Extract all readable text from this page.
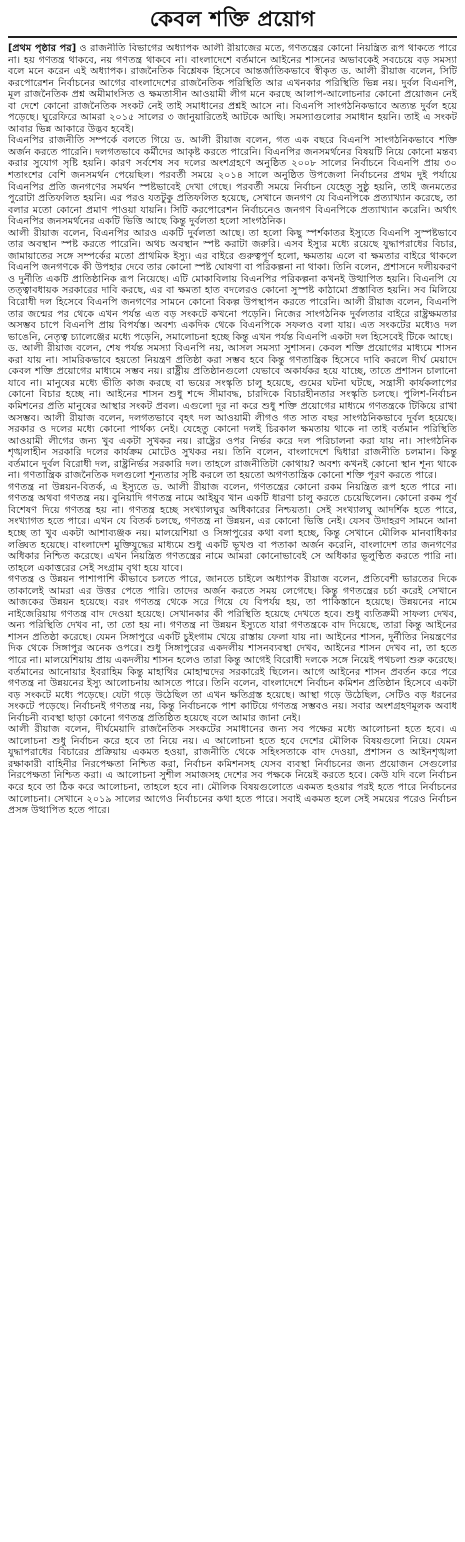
কেবল শক্তি প্রয়োগ

[প্রথম পৃষ্ঠার পর] ও রাজনীতি বিভাগের অধ্যাপক আলী রীয়াজের মতে, গণতন্ত্রের কোনো নিয়ন্ত্রিত রূপ থাকতে পারে না। হয় গণতন্ত্র থাকবে, নয় গণতন্ত্র থাকবে না। বাংলাদেশে বর্তমানে আইনের শাসনের অভাবকেই সবচেয়ে বড় সমস্যা বলে মনে করেন এই অধ্যাপক। রাজনৈতিক বিশ্লেষক হিসেবে আন্তর্জাতিকভাবে স্বীকৃত ড. আলী রীয়াজ বলেন, সিটি করপোরেশন নির্বাচনের আগের বাংলাদেশের রাজনৈতিক পরিস্থিতি আর এখনকার পরিস্থিতি ভিন্ন নয়। দুর্বল বিএনপি, মূল রাজনৈতিক প্রশ্ন অমীমাংসিত ও ক্ষমতাসীন আওয়ামী লীগ মনে করছে আলাপ-আলোচনার কোনো প্রয়োজন নেই বা দেশে কোনো রাজনৈতিক সংকট নেই তাই সমাধানের প্রশ্নই আসে না। বিএনপি সাংগঠনিকভাবে অত্যন্ত দুর্বল হয়ে পড়েছে। ঘুরেফিরে আমরা ২০১৫ সালের ৩ জানুয়ারিতেই আটকে আছি। সমস্যাগুলোর সমাধান হয়নি। তাই এ সংকট আবার ভিন্ন আকারে উদ্ভব হবেই।

বিএনপির রাজনীতি সম্পর্কে বলতে গিয়ে ড. আলী রীয়াজ বলেন, গত এক বছরে বিএনপি সাংগঠনিকভাবে শক্তি অর্জন করতে পারেনি। দলগতভাবে কর্মীদের আকৃষ্ট করতে পারেনি। বিএনপির জনসমর্থনের বিষয়টি নিয়ে কোনো মন্তব্য করার সুযোগ সৃষ্টি হয়নি। কারণ সর্বশেষ সব দলের অংশগ্রহণে অনুষ্ঠিত ২০০৮ সালের নির্বাচনে বিএনপি প্রায় ৩০ শতাংশের বেশি জনসমর্থন পেয়েছিল। পরবর্তী সময়ে ২০১৪ সালে অনুষ্ঠিত উপজেলা নির্বাচনের প্রথম দুই পর্যায়ে বিএনপির প্রতি জনগণের সমর্থন স্পষ্টভাবেই দেখা গেছে। পরবর্তী সময়ে নির্বাচন যেহেতু সুষ্ঠু হয়নি, তাই জনমতের পুরোটা প্রতিফলিত হয়নি। এর পরও যতটুকু প্রতিফলিত হয়েছে, সেখানে জনগণ যে বিএনপিকে প্রত্যাখ্যান করেছে, তা বলার মতো কোনো প্রমাণ পাওয়া যায়নি। সিটি করপোরেশন নির্বাচনেও জনগণ বিএনপিকে প্রত্যাখ্যান করেনি। অর্থাৎ বিএনপির জনসমর্থনের একটি ভিত্তি আছে কিন্তু দুর্বলতা হলো সাংগঠনিক।

আলী রীয়াজ বলেন, বিএনপির আরও একটি দুর্বলতা আছে। তা হলো কিছু স্পর্শকাতর ইস্যুতে বিএনপি সুস্পষ্টভাবে তার অবস্থান স্পষ্ট করতে পারেনি। অথচ অবস্থান স্পষ্ট করাটা জরুরি। এসব ইস্যুর মধ্যে রয়েছে যুদ্ধাপরাধের বিচার, জামায়াতের সঙ্গে সম্পর্কের মতো প্রাথমিক ইস্যু। এর বাইরে গুরুত্বপূর্ণ হলো, ক্ষমতায় এলে বা ক্ষমতার বাইরে থাকলে বিএনপি জনগণকে কী উপহার দেবে তার কোনো স্পষ্ট ঘোষণা বা পরিকল্পনা না থাকা। তিনি বলেন, প্রশাসনে দলীয়করণ ও দুর্নীতি একটি প্রাতিষ্ঠানিক রূপ নিয়েছে। এটি মোকাবিলায় বিএনপির পরিকল্পনা কখনই উত্থাপিত হয়নি। বিএনপি যে তত্ত্বাবধায়ক সরকারের দাবি করছে, এর বা ক্ষমতা হাত বদলেরও কোনো সুস্পষ্ট কাঠামো প্রস্তাবিত হয়নি। সব মিলিয়ে বিরোধী দল হিসেবে বিএনপি জনগণের সামনে কোনো বিকল্প উপস্থাপন করতে পারেনি। আলী রীয়াজ বলেন, বিএনপি তার জন্মের পর থেকে এখন পর্যন্ত এত বড় সংকটে কখনো পড়েনি। নিজের সাংগঠনিক দুর্বলতার বাইরে রাষ্ট্রক্ষমতার অসম্ভব চাপে বিএনপি প্রায় বিপর্যস্ত। অবশ্য একদিক থেকে বিএনপিকে সফলও বলা যায়। এত সংকটের মধ্যেও দল ভাঙেনি, নেতৃত্ব চ্যালেঞ্জের মধ্যে পড়েনি, সমালোচনা হচ্ছে কিন্তু এখন পর্যন্ত বিএনপি একটা দল হিসেবেই টিকে আছে।

ড. আলী রীয়াজ বলেন, শেষ পর্যন্ত সমস্যা বিএনপি নয়, আসল সমস্যা সুশাসন। কেবল শক্তি প্রয়োগের মাধ্যমে শাসন করা যায় না। সামরিকভাবে হয়তো নিয়ন্ত্রণ প্রতিষ্ঠা করা সম্ভব হবে কিন্তু গণতান্ত্রিক হিসেবে দাবি করলে দীর্ঘ মেয়াদে কেবল শক্তি প্রয়োগের মাধ্যমে সম্ভব নয়। রাষ্ট্রীয় প্রতিষ্ঠানগুলো যেভাবে অকার্যকর হয়ে যাচ্ছে, তাতে প্রশাসন চালানো যাবে না। মানুষের মধ্যে ভীতি কাজ করছে বা ভয়ের সংস্কৃতি চালু হয়েছে, গুমের ঘটনা ঘটছে, সন্ত্রাসী কার্যকলাপের কোনো বিচার হচ্ছে না। আইনের শাসন শুধু শব্দে সীমাবদ্ধ, চারদিকে বিচারহীনতার সংস্কৃতি চলছে। পুলিশ-নির্বাচন কমিশনের প্রতি মানুষের আস্থার সংকট প্রবল। এগুলো দূর না করে শুধু শক্তি প্রয়োগের মাধ্যমে গণতন্ত্রকে টিকিয়ে রাখা অসম্ভব। আলী রীয়াজ বলেন, দলগতভাবে বৃহৎ দল আওয়ামী লীগও গত সাত বছর সাংগঠনিকভাবে দুর্বল হয়েছে। সরকার ও দলের মধ্যে কোনো পার্থক্য নেই। যেহেতু কোনো দলই চিরকাল ক্ষমতায় থাকে না তাই বর্তমান পরিস্থিতি আওয়ামী লীগের জন্য খুব একটা সুখকর নয়। রাষ্ট্রের ওপর নির্ভর করে দল পরিচালনা করা যায় না। সাংগঠনিক শৃঙ্খলাহীন সরকারি দলের কার্যক্রম মোটেও সুখকর নয়। তিনি বলেন, বাংলাদেশে দ্বিধারা রাজনীতি চলমান। কিন্তু বর্তমানে দুর্বল বিরোধী দল, রাষ্ট্রনির্ভর সরকারি দল। তাহলে রাজনীতিটা কোথায়? অবশ্য কখনই কোনো স্থান শূন্য থাকে না। গণতান্ত্রিক রাজনৈতিক দলগুলো শূন্যতার সৃষ্টি করলে তা হয়তো অগণতান্ত্রিক কোনো শক্তি পূরণ করতে পারে।

গণতন্ত্র না উন্নয়ন-বিতর্ক, এ ইস্যুতে ড. আলী রীয়াজ বলেন, গণতন্ত্রের কোনো রকম নিয়ন্ত্রিত রূপ হতে পারে না। গণতন্ত্র অথবা গণতন্ত্র নয়। বুনিয়াদি গণতন্ত্র নামে আইয়ুব খান একটি ধারণা চালু করতে চেয়েছিলেন। কোনো রকম পূর্ব বিশেষণ দিয়ে গণতন্ত্র হয় না। গণতন্ত্র হচ্ছে সংখ্যালঘুর অধিকারের নিশ্চয়তা। সেই সংখ্যালঘু আদর্শিক হতে পারে, সংখ্যাগত হতে পারে। এখন যে বিতর্ক চলছে, গণতন্ত্র না উন্নয়ন, এর কোনো ভিত্তি নেই। যেসব উদাহরণ সামনে আনা হচ্ছে তা খুব একটা আশাব্যঞ্জক নয়। মালয়েশিয়া ও সিঙ্গাপুরের কথা বলা হচ্ছে, কিন্তু সেখানে মৌলিক মানবাধিকার লঙ্ঘিত হয়েছে। বাংলাদেশ মুক্তিযুদ্ধের মাধ্যমে শুধু একটি ভূখণ্ড বা পতাকা অর্জন করেনি, বাংলাদেশ তার জনগণের অধিকার নিশ্চিত করেছে। এখন নিয়ন্ত্রিত গণতন্ত্রের নামে আমরা কোনোভাবেই সে অধিকার ভূলুণ্ঠিত করতে পারি না। তাহলে একাত্তরের সেই সংগ্রাম বৃথা হয়ে যাবে।

গণতন্ত্র ও উন্নয়ন পাশাপাশি কীভাবে চলতে পারে, জানতে চাইলে অধ্যাপক রীয়াজ বলেন, প্রতিবেশী ভারতের দিকে তাকালেই আমরা এর উত্তর পেতে পারি। তাদের অর্জন করতে সময় লেগেছে। কিন্তু গণতন্ত্রের চর্চা করেই সেখানে আজকের উন্নয়ন হয়েছে। বরং গণতন্ত্র থেকে সরে গিয়ে যে বিপর্যয় হয়, তা পাকিস্তানে হয়েছে। উন্নয়নের নামে নাইজেরিয়ায় গণতন্ত্র বাদ দেওয়া হয়েছে। সেখানকার কী পরিস্থিতি হয়েছে দেখতে হবে। শুধু ব্যতিক্রমী সাফল্য দেখব, অন্য পরিস্থিতি দেখব না, তা তো হয় না। গণতন্ত্র না উন্নয়ন ইস্যুতে যারা গণতন্ত্রকে বাদ দিয়েছে, তারা কিন্তু আইনের শাসন প্রতিষ্ঠা করেছে। যেমন সিঙ্গাপুরে একটি চুইংগাম খেয়ে রাস্তায় ফেলা যায় না। আইনের শাসন, দুর্নীতির নিয়ন্ত্রণের দিক থেকে সিঙ্গাপুর অনেক ওপরে। শুধু সিঙ্গাপুরের একদলীয় শাসনব্যবস্থা দেখব, আইনের শাসন দেখব না, তা হতে পারে না। মালয়েশিয়ায় প্রায় একদলীয় শাসন হলেও তারা কিন্তু আগেই বিরোধী দলকে সঙ্গে নিয়েই পথচলা শুরু করেছে। বর্তমানের আনোয়ার ইবরাহিম কিন্তু মাহাথির মোহাম্মদের সরকারেই ছিলেন। আগে আইনের শাসন প্রবর্তন করে পরে গণতন্ত্র না উন্নয়নের ইস্যু আলোচনায় আসতে পারে। তিনি বলেন, বাংলাদেশে নির্বাচন কমিশন প্রতিষ্ঠান হিসেবে একটা বড় সংকটে মধ্যে পড়েছে। যেটা গড়ে উঠেছিল তা এখন ক্ষতিগ্রস্ত হয়েছে। আস্থা গড়ে উঠেছিল, সেটিও বড় ধরনের সংকটে পড়েছে। নির্বাচনই গণতন্ত্র নয়, কিন্তু নির্বাচনকে পাশ কাটিয়ে গণতন্ত্র সম্ভবও নয়। সবার অংশগ্রহণমূলক অবাধ নির্বাচনী ব্যবস্থা ছাড়া কোনো গণতন্ত্র প্রতিষ্ঠিত হয়েছে বলে আমার জানা নেই।

আলী রীয়াজ বলেন, দীর্ঘমেয়াদি রাজনৈতিক সংকটের সমাধানের জন্য সব পক্ষের মধ্যে আলোচনা হতে হবে। এ আলোচনা শুধু নির্বাচন করে হবে তা নিয়ে নয়। এ আলোচনা হতে হবে দেশের মৌলিক বিষয়গুলো নিয়ে। যেমন যুদ্ধাপরাধের বিচারের প্রক্রিয়ায় একমত হওয়া, রাজনীতি থেকে সহিংসতাকে বাদ দেওয়া, প্রশাসন ও আইনশৃঙ্খলা রক্ষাকারী বাহিনীর নিরপেক্ষতা নিশ্চিত করা, নির্বাচন কমিশনসহ যেসব ব্যবস্থা নির্বাচনের জন্য প্রয়োজন সেগুলোর নিরপেক্ষতা নিশ্চিত করা। এ আলোচনা সুশীল সমাজসহ দেশের সব পক্ষকে নিয়েই করতে হবে। কেউ যদি বলে নির্বাচন করে হবে তা ঠিক করে আলোচনা, তাহলে হবে না। মৌলিক বিষয়গুলোতে একমত হওয়ার পরই হতে পারে নির্বাচনের আলোচনা। সেখানে ২০১৯ সালের আগেও নির্বাচনের কথা হতে পারে। সবাই একমত হলে সেই সময়ের পরেও নির্বাচন প্রসঙ্গ উত্থাপিত হতে পারে।
